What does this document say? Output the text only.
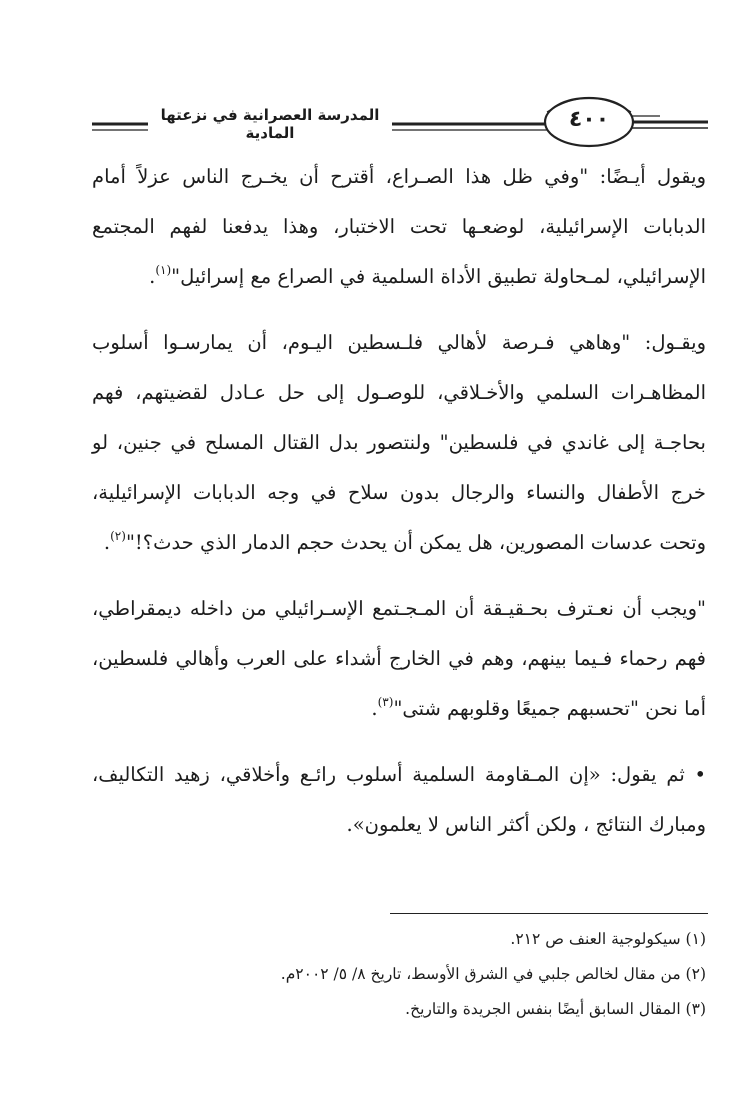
المدرسة العصرانية في نزعتها المادية
٤٠٠

ويقول أيـضًا: "وفي ظل هذا الصـراع، أقترح أن يخـرج الناس عزلاً أمام الدبابات الإسرائيلية، لوضعـها تحت الاختبار، وهذا يدفعنا لفهم المجتمع الإسرائيلي، لمـحاولة تطبيق الأداة السلمية في الصراع مع إسرائيل"$^{(١)}$.

ويقـول: "وهاهي فـرصة لأهالي فلـسطين اليـوم، أن يمارسـوا أسلوب المظاهـرات السلمي والأخـلاقي، للوصـول إلى حل عـادل لقضيتهم، فهم بحاجـة إلى غاندي في فلسطين" ولنتصور بدل القتال المسلح في جنين، لو خرج الأطفال والنساء والرجال بدون سلاح في وجه الدبابات الإسرائيلية، وتحت عدسات المصورين، هل يمكن أن يحدث حجم الدمار الذي حدث؟!"$^{(٢)}$.

"ويجب أن نعـترف بحـقيـقة أن المـجـتمع الإسـرائيلي من داخله ديمقراطي، فهم رحماء فـيما بينهم، وهم في الخارج أشداء على العرب وأهالي فلسطين، أما نحن "تحسبهم جميعًا وقلوبهم شتى"$^{(٣)}$.

• ثم يقول: «إن المـقاومة السلمية أسلوب رائـع وأخلاقي، زهيد التكاليف، ومبارك النتائج ، ولكن أكثر الناس لا يعلمون».

(١) سيكولوجية العنف ص ٢١٢.

(٢) من مقال لخالص جلبي في الشرق الأوسط، تاريخ ٨/ ٥/ ٢٠٠٢م.

(٣) المقال السابق أيضًا بنفس الجريدة والتاريخ.
